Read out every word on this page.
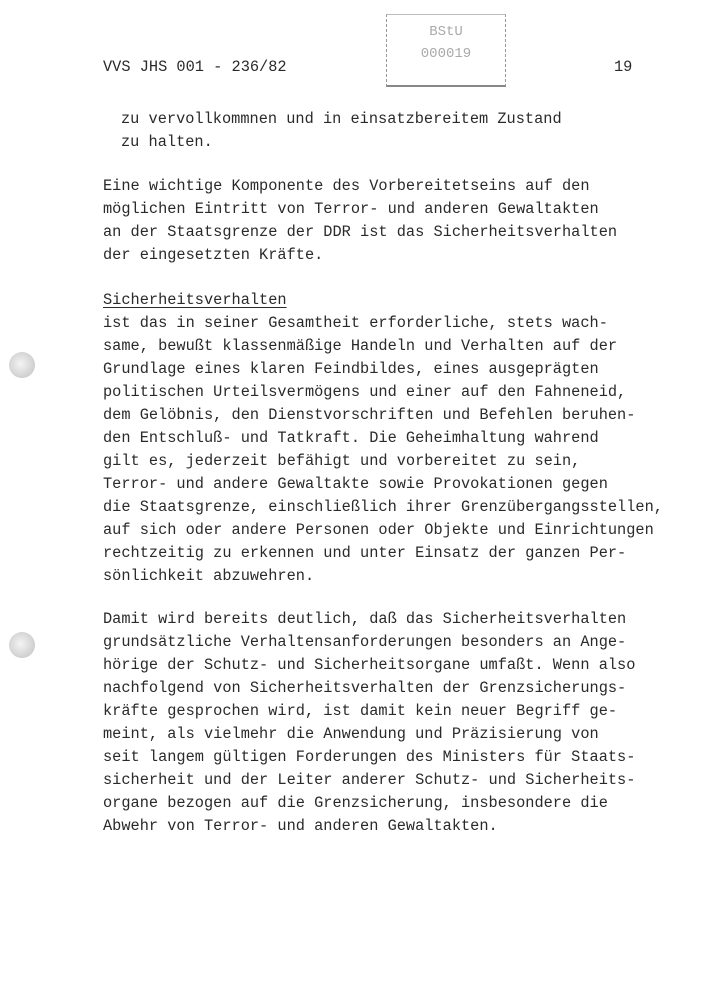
VVS JHS 001 - 236/82
BStU
000019
19
zu vervollkommnen und in einsatzbereitem Zustand
zu halten.
Eine wichtige Komponente des Vorbereitetseins auf den
möglichen Eintritt von Terror- und anderen Gewaltakten
an der Staatsgrenze der DDR ist das Sicherheitsverhalten
der eingesetzten Kräfte.
Sicherheitsverhalten
ist das in seiner Gesamtheit erforderliche, stets wach-
same, bewußt klassenmäßige Handeln und Verhalten auf der
Grundlage eines klaren Feindbildes, eines ausgeprägten
politischen Urteilsvermögens und einer auf den Fahneneid,
dem Gelöbnis, den Dienstvorschriften und Befehlen beruhen-
den Entschluß- und Tatkraft. Die Geheimhaltung wahrend
gilt es, jederzeit befähigt und vorbereitet zu sein,
Terror- und andere Gewaltakte sowie Provokationen gegen
die Staatsgrenze, einschließlich ihrer Grenzübergangsstellen,
auf sich oder andere Personen oder Objekte und Einrichtungen
rechtzeitig zu erkennen und unter Einsatz der ganzen Per-
sönlichkeit abzuwehren.
Damit wird bereits deutlich, daß das Sicherheitsverhalten
grundsätzliche Verhaltensanforderungen besonders an Ange-
hörige der Schutz- und Sicherheitsorgane umfaßt. Wenn also
nachfolgend von Sicherheitsverhalten der Grenzsicherungs-
kräfte gesprochen wird, ist damit kein neuer Begriff ge-
meint, als vielmehr die Anwendung und Präzisierung von
seit langem gültigen Forderungen des Ministers für Staats-
sicherheit und der Leiter anderer Schutz- und Sicherheits-
organe bezogen auf die Grenzsicherung, insbesondere die
Abwehr von Terror- und anderen Gewaltakten.
